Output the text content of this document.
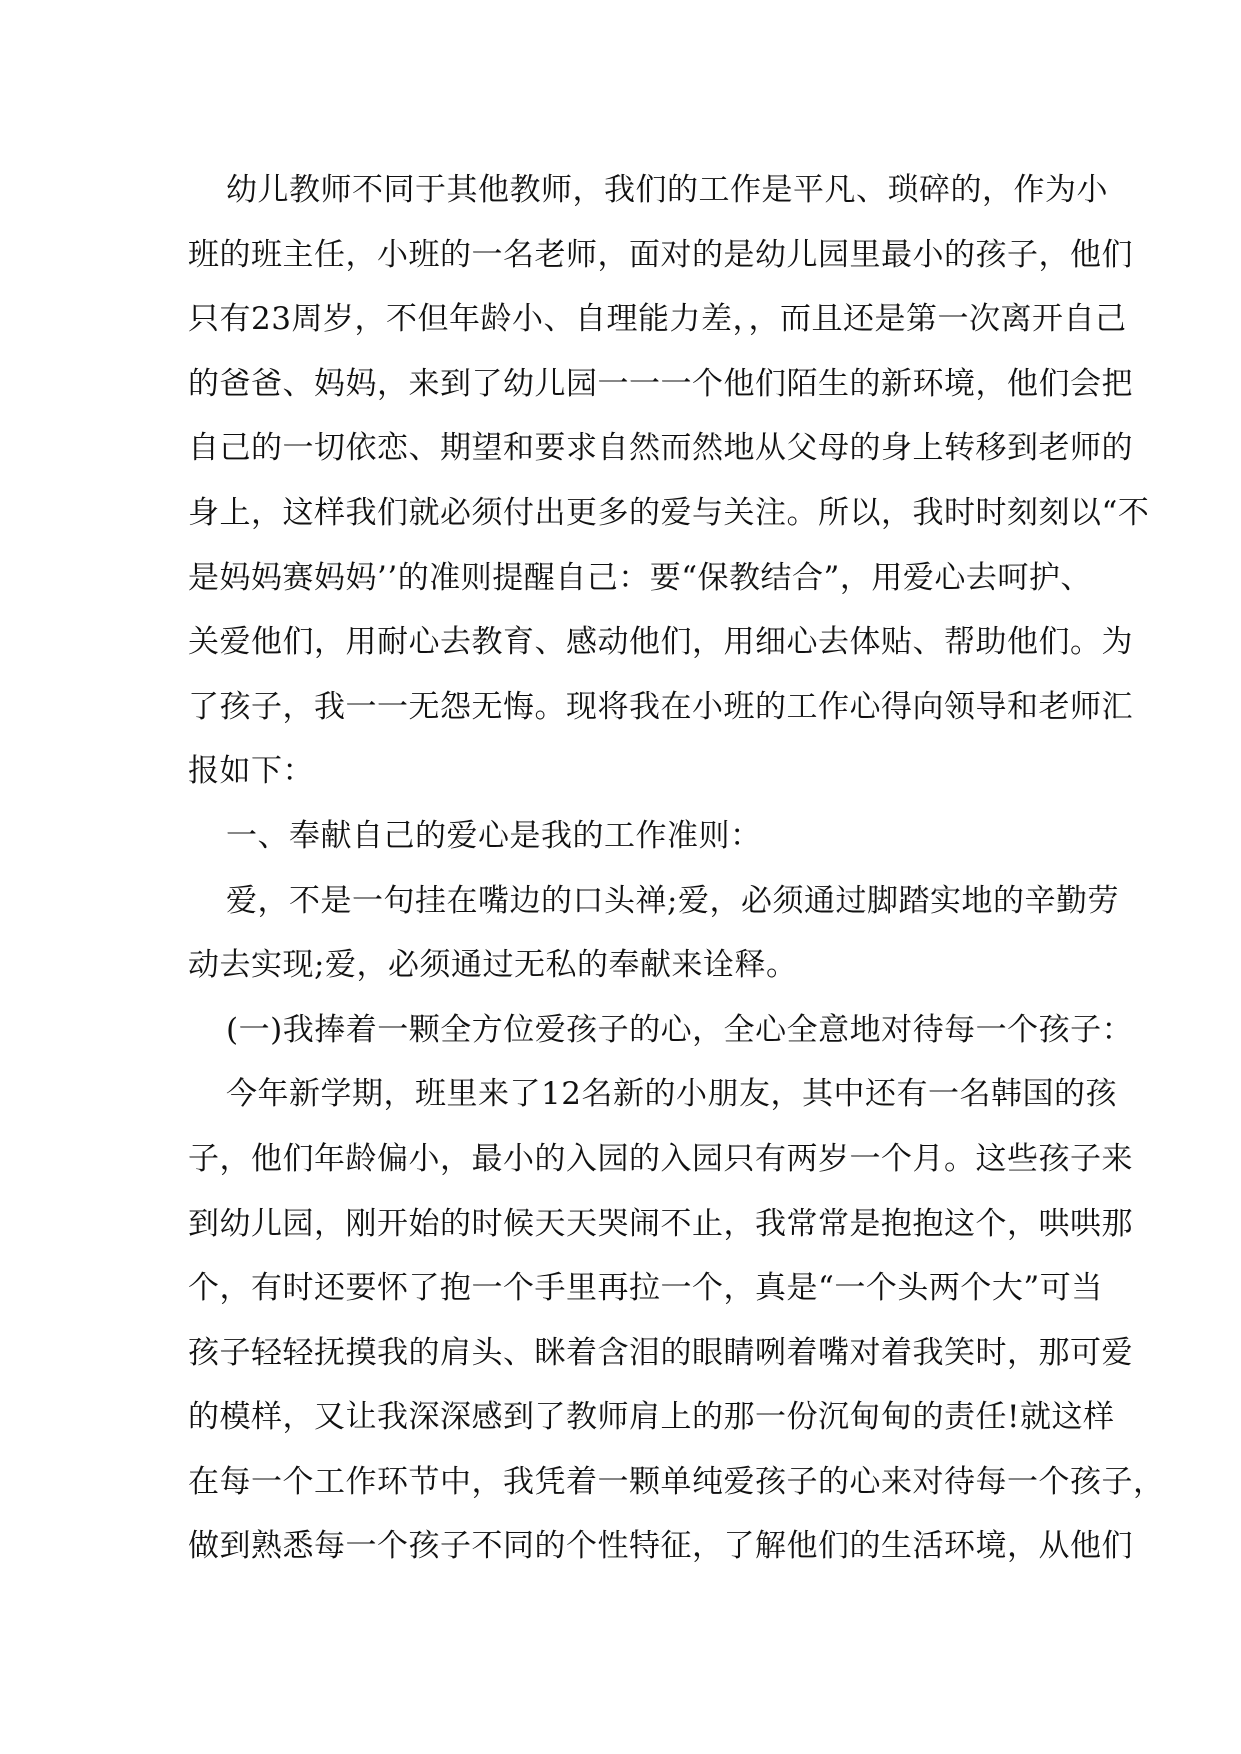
幼儿教师不同于其他教师，我们的工作是平凡、琐碎的，作为小
班的班主任，小班的一名老师，面对的是幼儿园里最小的孩子，他们
只有23周岁，不但年龄小、自理能力差，，而且还是第一次离开自己
的爸爸、妈妈，来到了幼儿园一一一个他们陌生的新环境，他们会把
自己的一切依恋、期望和要求自然而然地从父母的身上转移到老师的
身上，这样我们就必须付出更多的爱与关注。所以，我时时刻刻以“不
是妈妈赛妈妈’’的准则提醒自己：要“保教结合”，用爱心去呵护、
关爱他们，用耐心去教育、感动他们，用细心去体贴、帮助他们。为
了孩子，我一一无怨无悔。现将我在小班的工作心得向领导和老师汇
报如下：
一、奉献自己的爱心是我的工作准则：
爱，不是一句挂在嘴边的口头禅;爱，必须通过脚踏实地的辛勤劳
动去实现;爱，必须通过无私的奉献来诠释。
(一)我捧着一颗全方位爱孩子的心，全心全意地对待每一个孩子：
今年新学期，班里来了12名新的小朋友，其中还有一名韩国的孩
子，他们年龄偏小，最小的入园的入园只有两岁一个月。这些孩子来
到幼儿园，刚开始的时候天天哭闹不止，我常常是抱抱这个，哄哄那
个，有时还要怀了抱一个手里再拉一个，真是“一个头两个大”可当
孩子轻轻抚摸我的肩头、眯着含泪的眼睛咧着嘴对着我笑时，那可爱
的模样，又让我深深感到了教师肩上的那一份沉甸甸的责任!就这样
在每一个工作环节中，我凭着一颗单纯爱孩子的心来对待每一个孩子，
做到熟悉每一个孩子不同的个性特征，了解他们的生活环境，从他们
